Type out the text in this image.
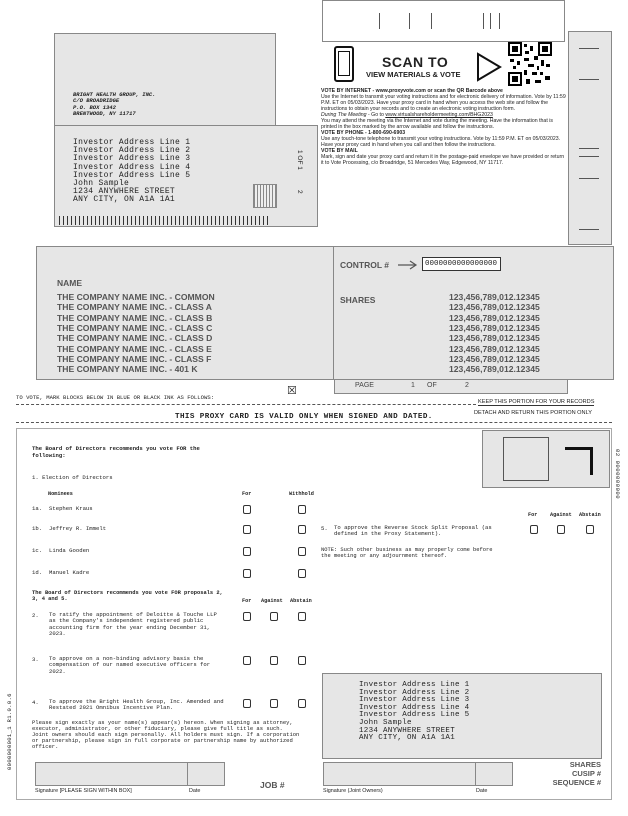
BRIGHT HEALTH GROUP, INC.
C/O BROADRIDGE
P.O. BOX 1342
BRENTWOOD, NY 11717
Investor Address Line 1
Investor Address Line 2
Investor Address Line 3
Investor Address Line 4
Investor Address Line 5
John Sample
1234 ANYWHERE STREET
ANY CITY, ON A1A 1A1
1 OF 1
2
SCAN TO
VIEW MATERIALS & VOTE
VOTE BY INTERNET - www.proxyvote.com or scan the QR Barcode above
Use the Internet to transmit your voting instructions and for electronic delivery of information. Vote by 11:59 P.M. ET on 05/03/2023. Have your proxy card in hand when you access the web site and follow the instructions to obtain your records and to create an electronic voting instruction form.
During The Meeting - Go to www.virtualshareholdermeeting.com/BHG2023
You may attend the meeting via the Internet and vote during the meeting. Have the information that is printed in the box marked by the arrow available and follow the instructions.
VOTE BY PHONE - 1-800-690-6903
Use any touch-tone telephone to transmit your voting instructions. Vote by 11:59 P.M. ET on 05/03/2023. Have your proxy card in hand when you call and then follow the instructions.
VOTE BY MAIL
Mark, sign and date your proxy card and return it in the postage-paid envelope we have provided or return it to Vote Processing, c/o Broadridge, 51 Mercedes Way, Edgewood, NY 11717.
NAME
SHARES
CONTROL #	0000000000000000
THE COMPANY NAME INC. - COMMON	123,456,789,012.12345
THE COMPANY NAME INC. - CLASS A	123,456,789,012.12345
THE COMPANY NAME INC. - CLASS B	123,456,789,012.12345
THE COMPANY NAME INC. - CLASS C	123,456,789,012.12345
THE COMPANY NAME INC. - CLASS D	123,456,789,012.12345
THE COMPANY NAME INC. - CLASS E	123,456,789,012.12345
THE COMPANY NAME INC. - CLASS F	123,456,789,012.12345
THE COMPANY NAME INC. - 401 K	123,456,789,012.12345
PAGE	1 OF	2
TO VOTE, MARK BLOCKS BELOW IN BLUE OR BLACK INK AS FOLLOWS:
☒
KEEP THIS PORTION FOR YOUR RECORDS
THIS PROXY CARD IS VALID ONLY WHEN SIGNED AND DATED.	DETACH AND RETURN THIS PORTION ONLY
02 0000000000
The Board of Directors recommends you vote FOR the following:
1. Election of Directors
Nominees	For	Withhold
1a. Stephen Kraus
1b. Jeffrey R. Immelt
1c. Linda Gooden
1d. Manuel Kadre
The Board of Directors recommends you vote FOR proposals 2, 3, 4 and 5.	For Against Abstain
2. To ratify the appointment of Deloitte & Touche LLP as the Company's independent registered public accounting firm for the year ending December 31, 2023.
3. To approve on a non-binding advisory basis the compensation of our named executive officers for 2022.
4. To approve the Bright Health Group, Inc. Amended and Restated 2021 Omnibus Incentive Plan.
For Against Abstain
5. To approve the Reverse Stock Split Proposal (as defined in the Proxy Statement).
NOTE: Such other business as may properly come before the meeting or any adjournment thereof.
Please sign exactly as your name(s) appear(s) hereon. When signing as attorney, executor, administrator, or other fiduciary, please give full title as such. Joint owners should each sign personally. All holders must sign. If a corporation or partnership, please sign in full corporate or partnership name by authorized officer.
Investor Address Line 1
Investor Address Line 2
Investor Address Line 3
Investor Address Line 4
Investor Address Line 5
John Sample
1234 ANYWHERE STREET
ANY CITY, ON A1A 1A1
Signature [PLEASE SIGN WITHIN BOX]	Date
JOB #
Signature (Joint Owners)	Date
SHARES
CUSIP #
SEQUENCE #
0000000001_1 R1.0.0.6
